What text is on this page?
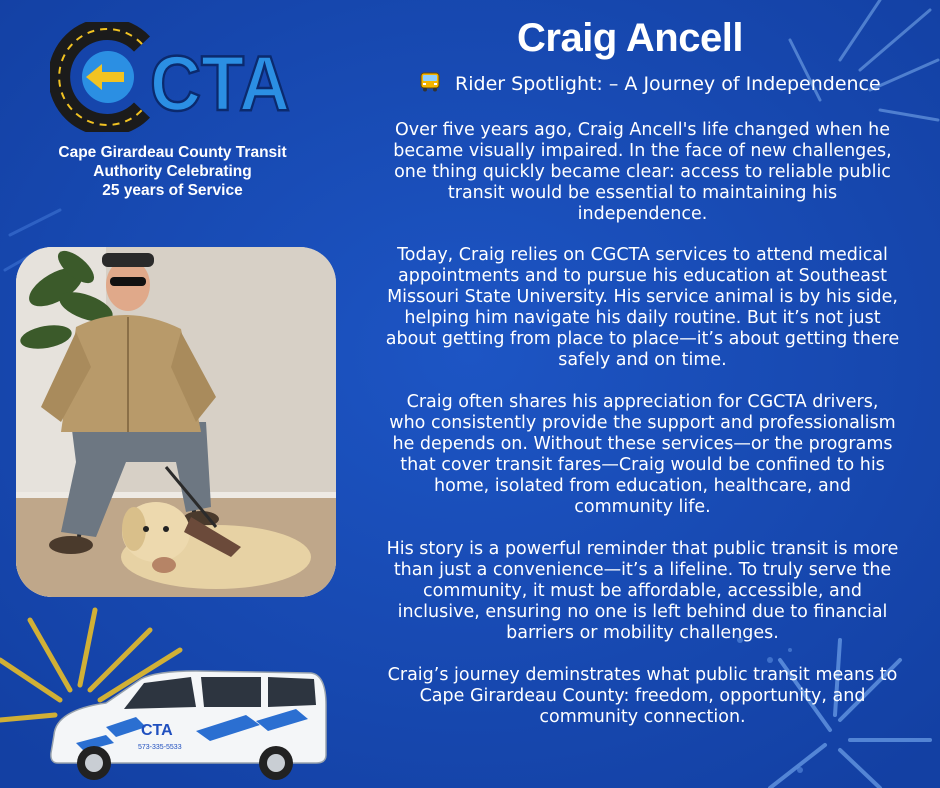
CTA
Cape Girardeau County Transit
Authority Celebrating
25 years of Service
CTA
573-335-5533
Craig Ancell
Rider Spotlight: – A Journey of Independence
Over five years ago, Craig Ancell's life changed when he
became visually impaired. In the face of new challenges,
one thing quickly became clear: access to reliable public
transit would be essential to maintaining his
independence.
Today, Craig relies on CGCTA services to attend medical
appointments and to pursue his education at Southeast
Missouri State University. His service animal is by his side,
helping him navigate his daily routine. But it’s not just
about getting from place to place—it’s about getting there
safely and on time.
Craig often shares his appreciation for CGCTA drivers,
who consistently provide the support and professionalism
he depends on. Without these services—or the programs
that cover transit fares—Craig would be confined to his
home, isolated from education, healthcare, and
community life.
His story is a powerful reminder that public transit is more
than just a convenience—it’s a lifeline. To truly serve the
community, it must be affordable, accessible, and
inclusive, ensuring no one is left behind due to financial
barriers or mobility challenges.
Craig’s journey deminstrates what public transit means to
Cape Girardeau County: freedom, opportunity, and
community connection.
